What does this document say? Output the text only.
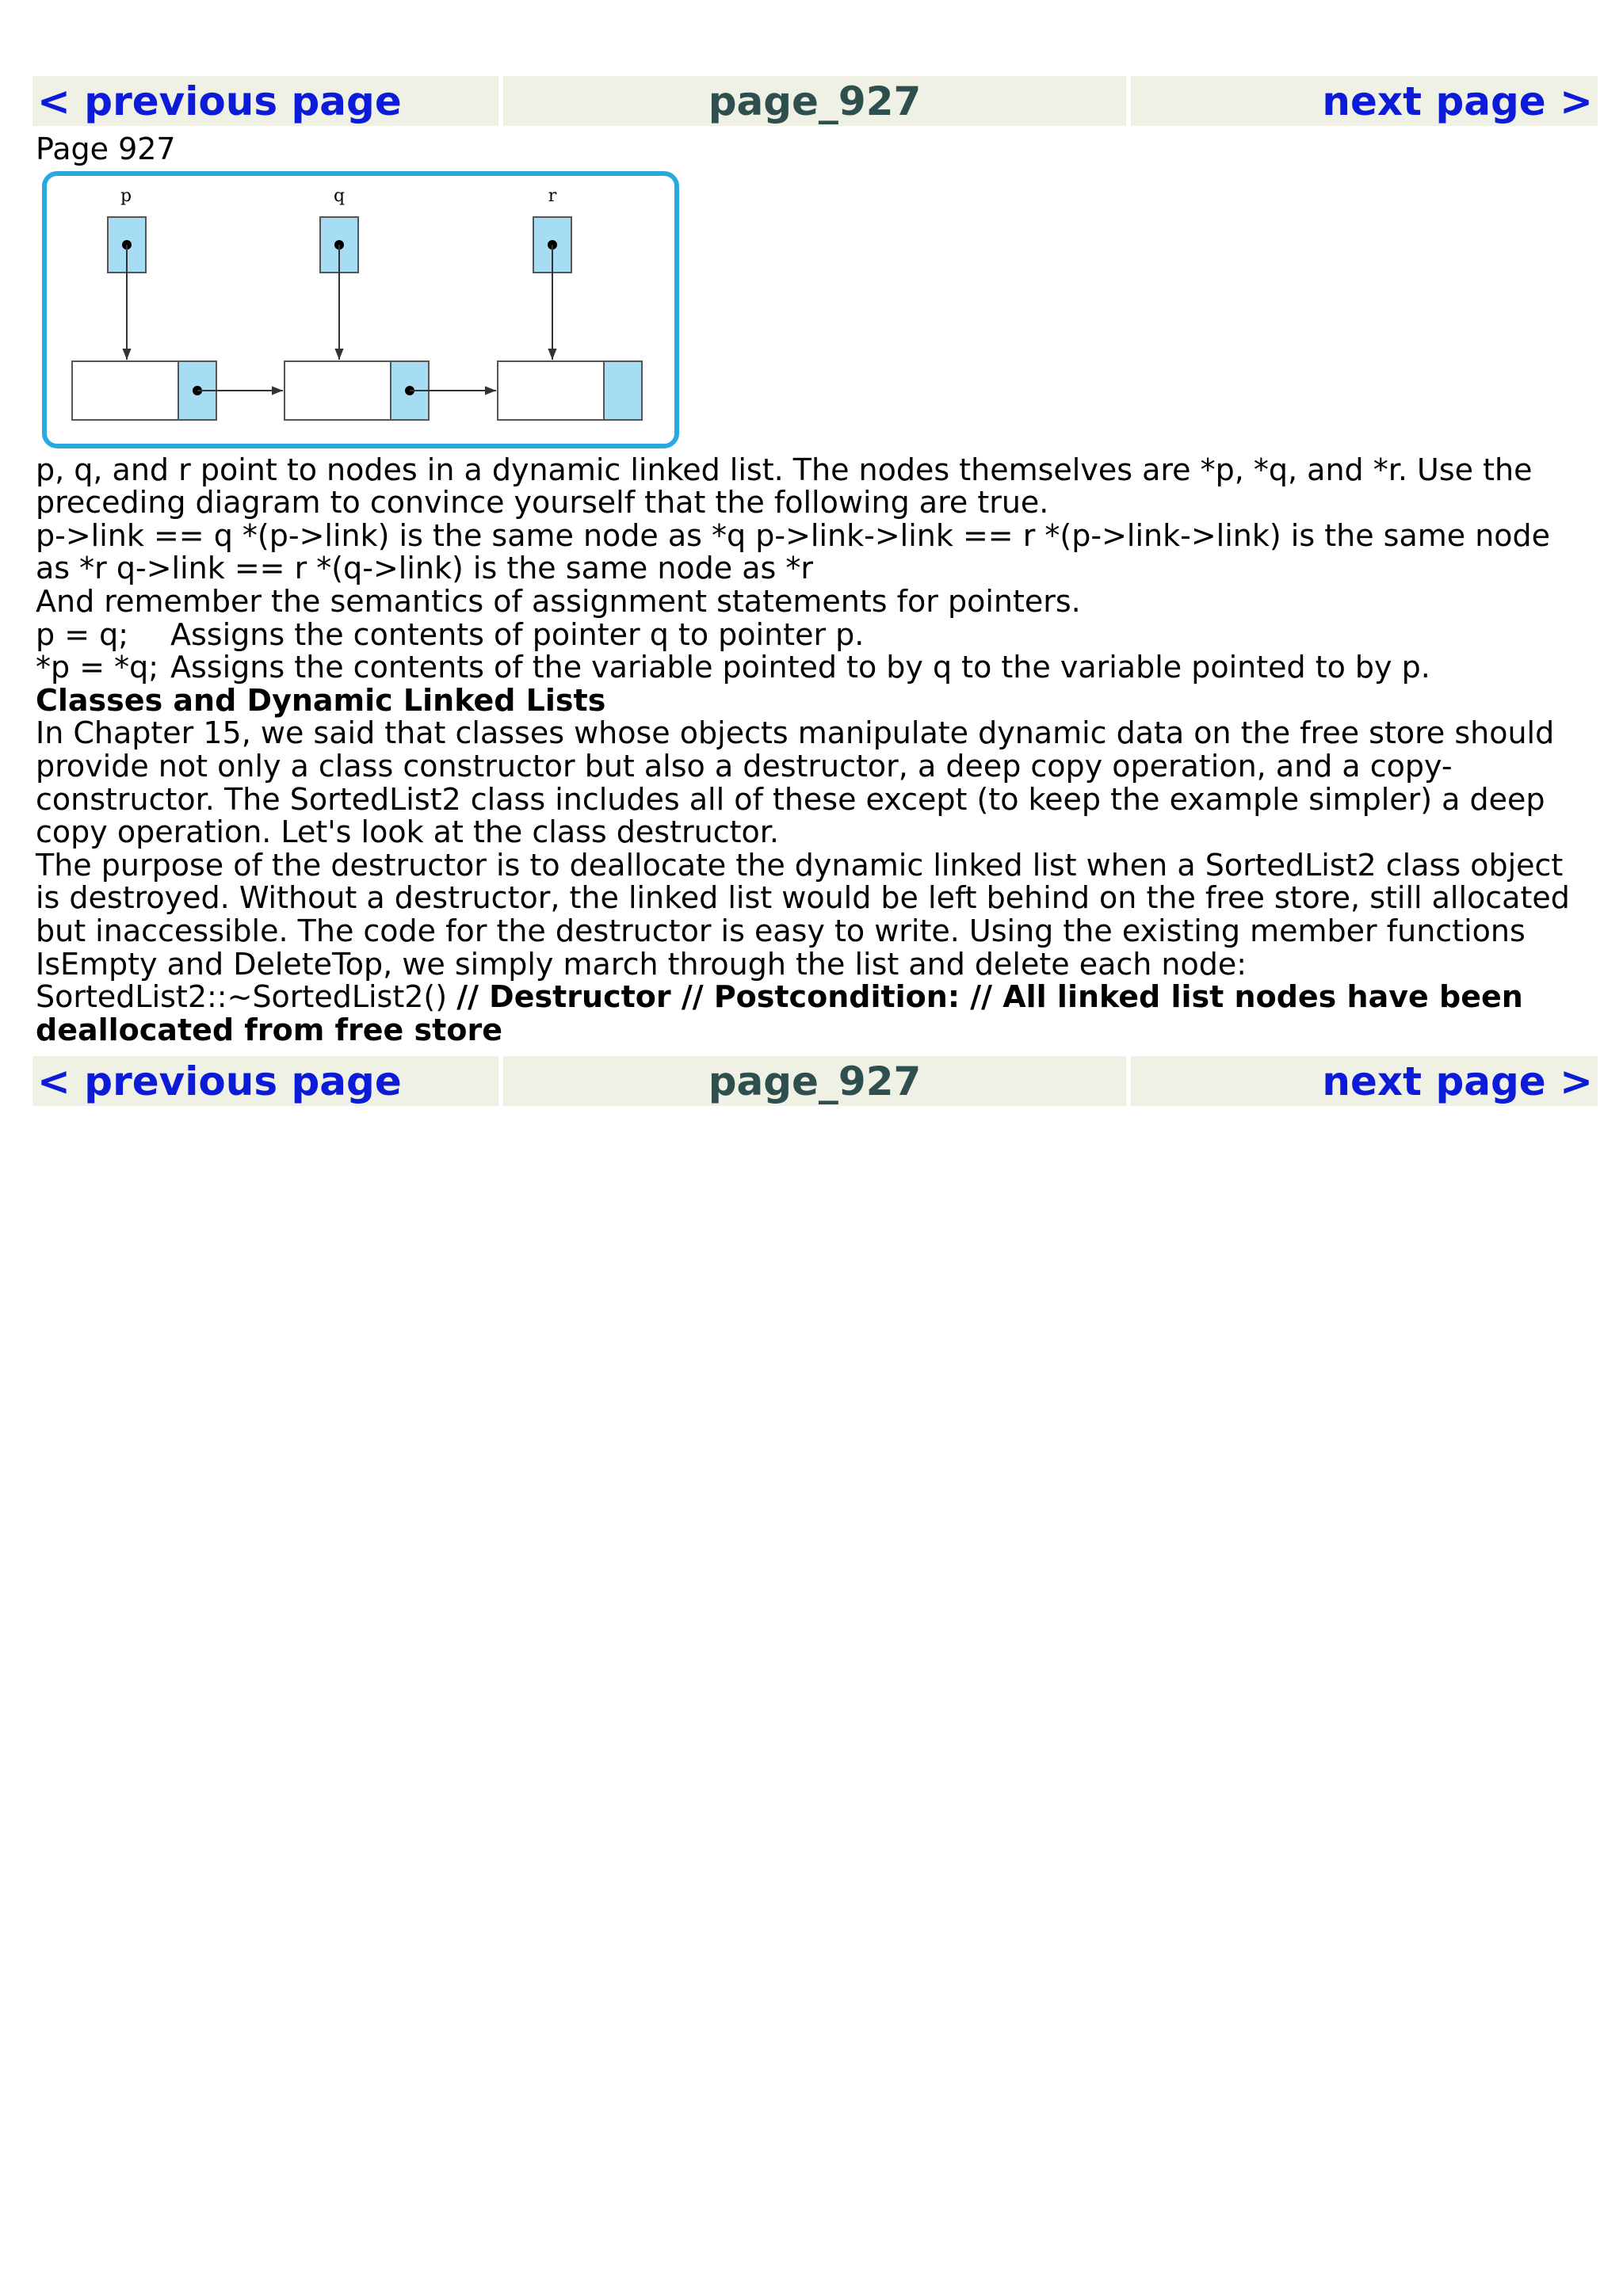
< previous page	page_927	next page >

Page 927

p	q	r

p, q, and r point to nodes in a dynamic linked list. The nodes themselves are *p, *q, and *r. Use the preceding diagram to convince yourself that the following are true.

p->link == q *(p->link) is the same node as *q p->link->link == r *(p->link->link) is the same node as *r q->link == r *(q->link) is the same node as *r

And remember the semantics of assignment statements for pointers.

p = q;	Assigns the contents of pointer q to pointer p.
*p = *q; Assigns the contents of the variable pointed to by q to the variable pointed to by p.

Classes and Dynamic Linked Lists

In Chapter 15, we said that classes whose objects manipulate dynamic data on the free store should provide not only a class constructor but also a destructor, a deep copy operation, and a copy-constructor. The SortedList2 class includes all of these except (to keep the example simpler) a deep copy operation. Let's look at the class destructor.

The purpose of the destructor is to deallocate the dynamic linked list when a SortedList2 class object is destroyed. Without a destructor, the linked list would be left behind on the free store, still allocated but inaccessible. The code for the destructor is easy to write. Using the existing member functions IsEmpty and DeleteTop, we simply march through the list and delete each node:

SortedList2::~SortedList2() // Destructor // Postcondition: // All linked list nodes have been deallocated from free store

< previous page	page_927	next page >
